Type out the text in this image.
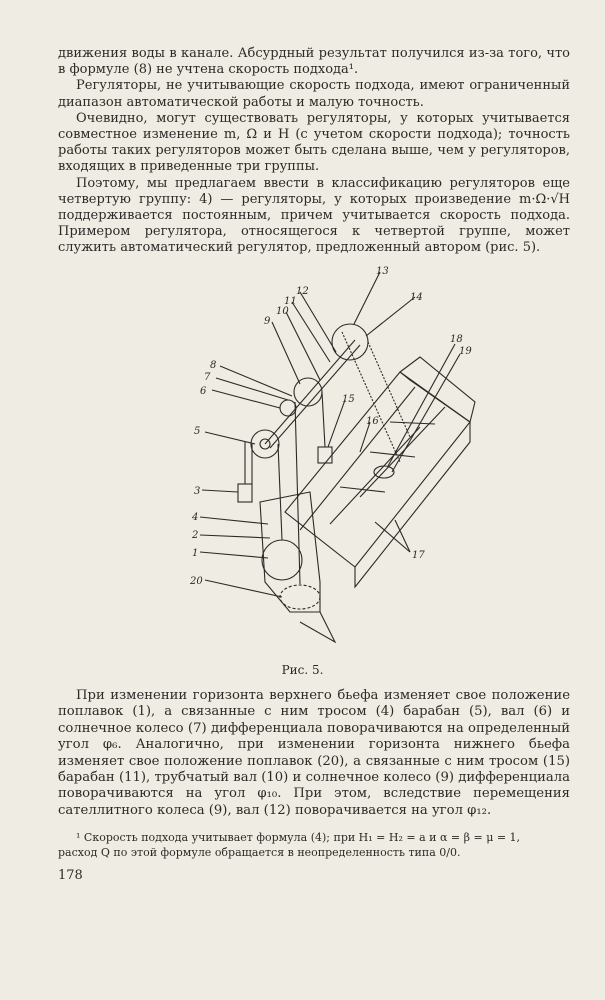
движения воды в канале. Абсурдный результат получился из-за того, что в формуле (8) не учтена скорость подхода¹.

Регуляторы, не учитывающие скорость подхода, имеют ограниченный диапазон автоматической работы и малую точность.

Очевидно, могут существовать регуляторы, у которых учитывается совместное изменение m, Ω и H (с учетом скорости подхода); точность работы таких регуляторов может быть сделана выше, чем у регуляторов, входящих в приведенные три группы.

Поэтому, мы предлагаем ввести в классификацию регуляторов еще четвертую группу: 4) — регуляторы, у которых произведение m·Ω·√H поддерживается постоянным, причем учитывается скорость подхода. Примером регулятора, относящегося к четвертой группе, может служить автоматический регулятор, предложенный автором (рис. 5).

3
4
2
1
20
5
6
7
8
9
10
11
12
13
14
15
16
17
18
19
Рис. 5.

При изменении горизонта верхнего бьефа изменяет свое положение поплавок (1), а связанные с ним тросом (4) барабан (5), вал (6) и солнечное колесо (7) дифференциала поворачиваются на определенный угол φ₆. Аналогично, при изменении горизонта нижнего бьефа изменяет свое положение поплавок (20), а связанные с ним тросом (15) барабан (11), трубчатый вал (10) и солнечное колесо (9) дифференциала поворачиваются на угол φ₁₀. При этом, вследствие перемещения сателлитного колеса (9), вал (12) поворачивается на угол φ₁₂.

¹ Скорость подхода учитывает формула (4); при H₁ = H₂ = a и α = β = μ = 1,

расход Q по этой формуле обращается в неопределенность типа 0/0.

178
